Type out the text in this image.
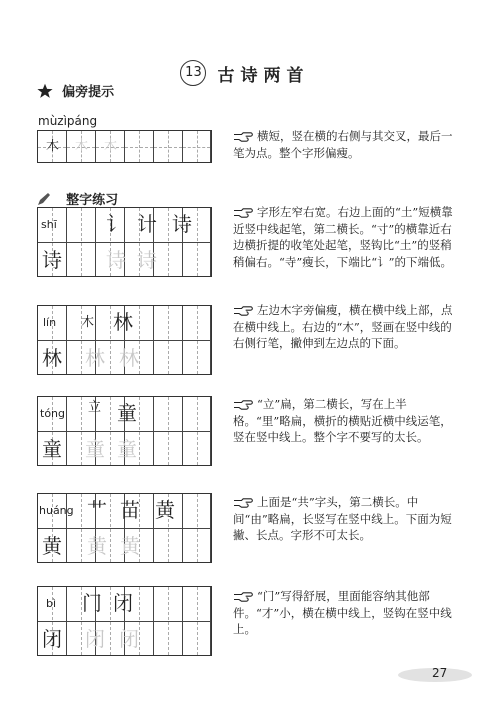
13 古诗两首
偏旁提示
mùzìpáng
木 木 木
横短，竖在横的右侧与其交叉，最后一笔为点。整个字形偏瘦。
整字练习
shī 讠 计 诗
诗 诗 诗
字形左窄右宽。右边上面的“土”短横靠近竖中线起笔，第二横长。“寸”的横靠近右边横折提的收笔处起笔，竖钩比“土”的竖稍稍偏右。“寺”瘦长，下端比“讠”的下端低。
lín 木 林
林 林 林
左边木字旁偏瘦，横在横中线上部，点在横中线上。右边的“木”，竖画在竖中线的右侧行笔，撇伸到左边点的下面。
tóng 立 童
童 童 童
“立”扁，第二横长，写在上半格。“里”略扁，横折的横贴近横中线运笔，竖在竖中线上。整个字不要写的太长。
huáng 艹 苗 黄
黄 黄 黄
上面是“共”字头，第二横长。中间“由”略扁，长竖写在竖中线上。下面为短撇、长点。字形不可太长。
bì 门 闭
闭 闭 闭
“门”写得舒展，里面能容纳其他部件。“才”小，横在横中线上，竖钩在竖中线上。
27
